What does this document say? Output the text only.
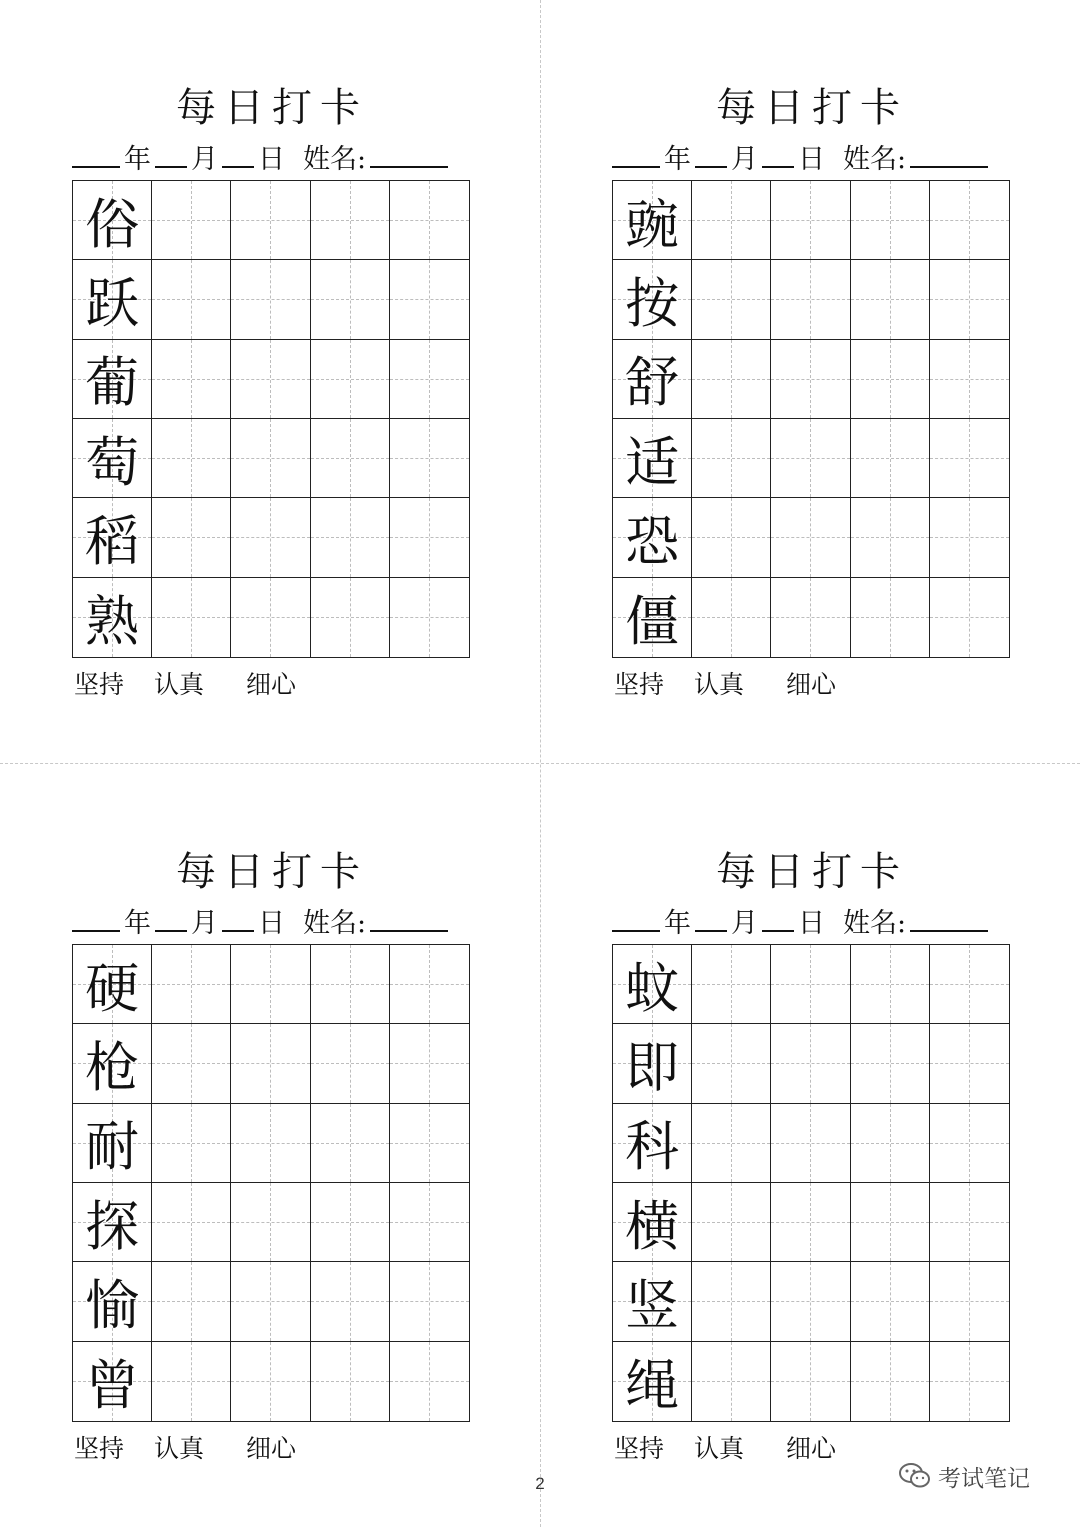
每日打卡
年 月 日 姓名:
俗
跃
葡
萄
稻
熟
坚持 认真 细心
每日打卡
年 月 日 姓名:
豌
按
舒
适
恐
僵
坚持 认真 细心
每日打卡
年 月 日 姓名:
硬
枪
耐
探
愉
曾
坚持 认真 细心
每日打卡
年 月 日 姓名:
蚊
即
科
横
竖
绳
坚持 认真 细心
2	考试笔记
